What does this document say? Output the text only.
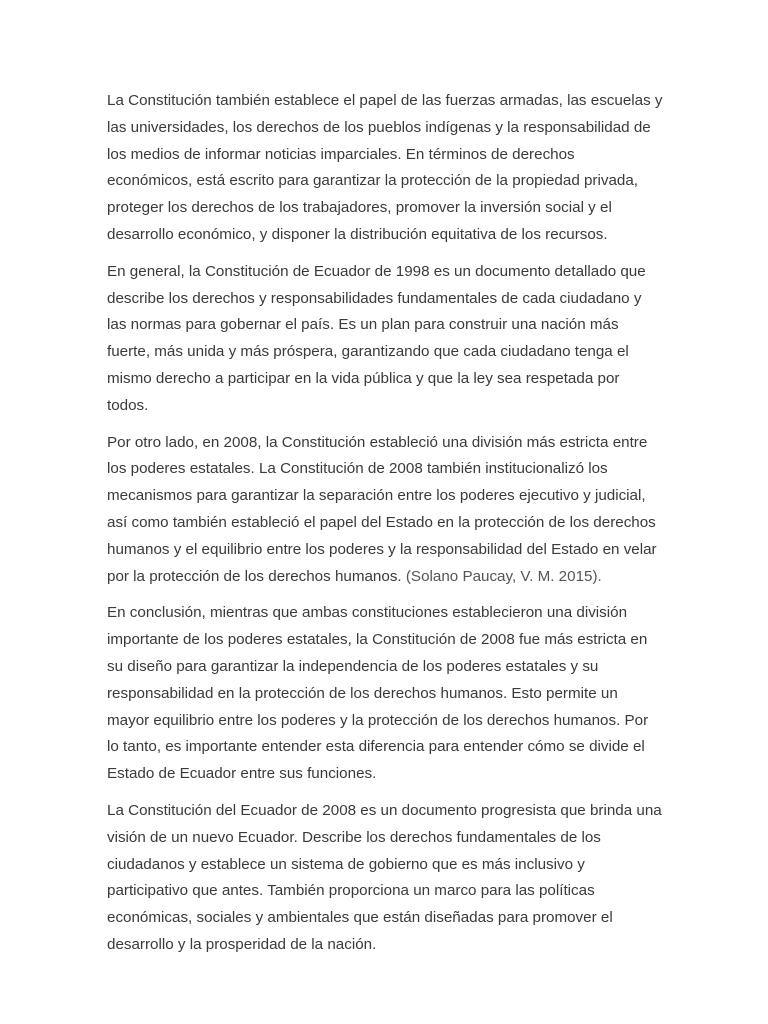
La Constitución también establece el papel de las fuerzas armadas, las escuelas y las universidades, los derechos de los pueblos indígenas y la responsabilidad de los medios de informar noticias imparciales. En términos de derechos económicos, está escrito para garantizar la protección de la propiedad privada, proteger los derechos de los trabajadores, promover la inversión social y el desarrollo económico, y disponer la distribución equitativa de los recursos.

En general, la Constitución de Ecuador de 1998 es un documento detallado que describe los derechos y responsabilidades fundamentales de cada ciudadano y las normas para gobernar el país. Es un plan para construir una nación más fuerte, más unida y más próspera, garantizando que cada ciudadano tenga el mismo derecho a participar en la vida pública y que la ley sea respetada por todos.

Por otro lado, en 2008, la Constitución estableció una división más estricta entre los poderes estatales. La Constitución de 2008 también institucionalizó los mecanismos para garantizar la separación entre los poderes ejecutivo y judicial, así como también estableció el papel del Estado en la protección de los derechos humanos y el equilibrio entre los poderes y la responsabilidad del Estado en velar por la protección de los derechos humanos. (Solano Paucay, V. M. 2015).

En conclusión, mientras que ambas constituciones establecieron una división importante de los poderes estatales, la Constitución de 2008 fue más estricta en su diseño para garantizar la independencia de los poderes estatales y su responsabilidad en la protección de los derechos humanos. Esto permite un mayor equilibrio entre los poderes y la protección de los derechos humanos. Por lo tanto, es importante entender esta diferencia para entender cómo se divide el Estado de Ecuador entre sus funciones.

La Constitución del Ecuador de 2008 es un documento progresista que brinda una visión de un nuevo Ecuador. Describe los derechos fundamentales de los ciudadanos y establece un sistema de gobierno que es más inclusivo y participativo que antes. También proporciona un marco para las políticas económicas, sociales y ambientales que están diseñadas para promover el desarrollo y la prosperidad de la nación.
